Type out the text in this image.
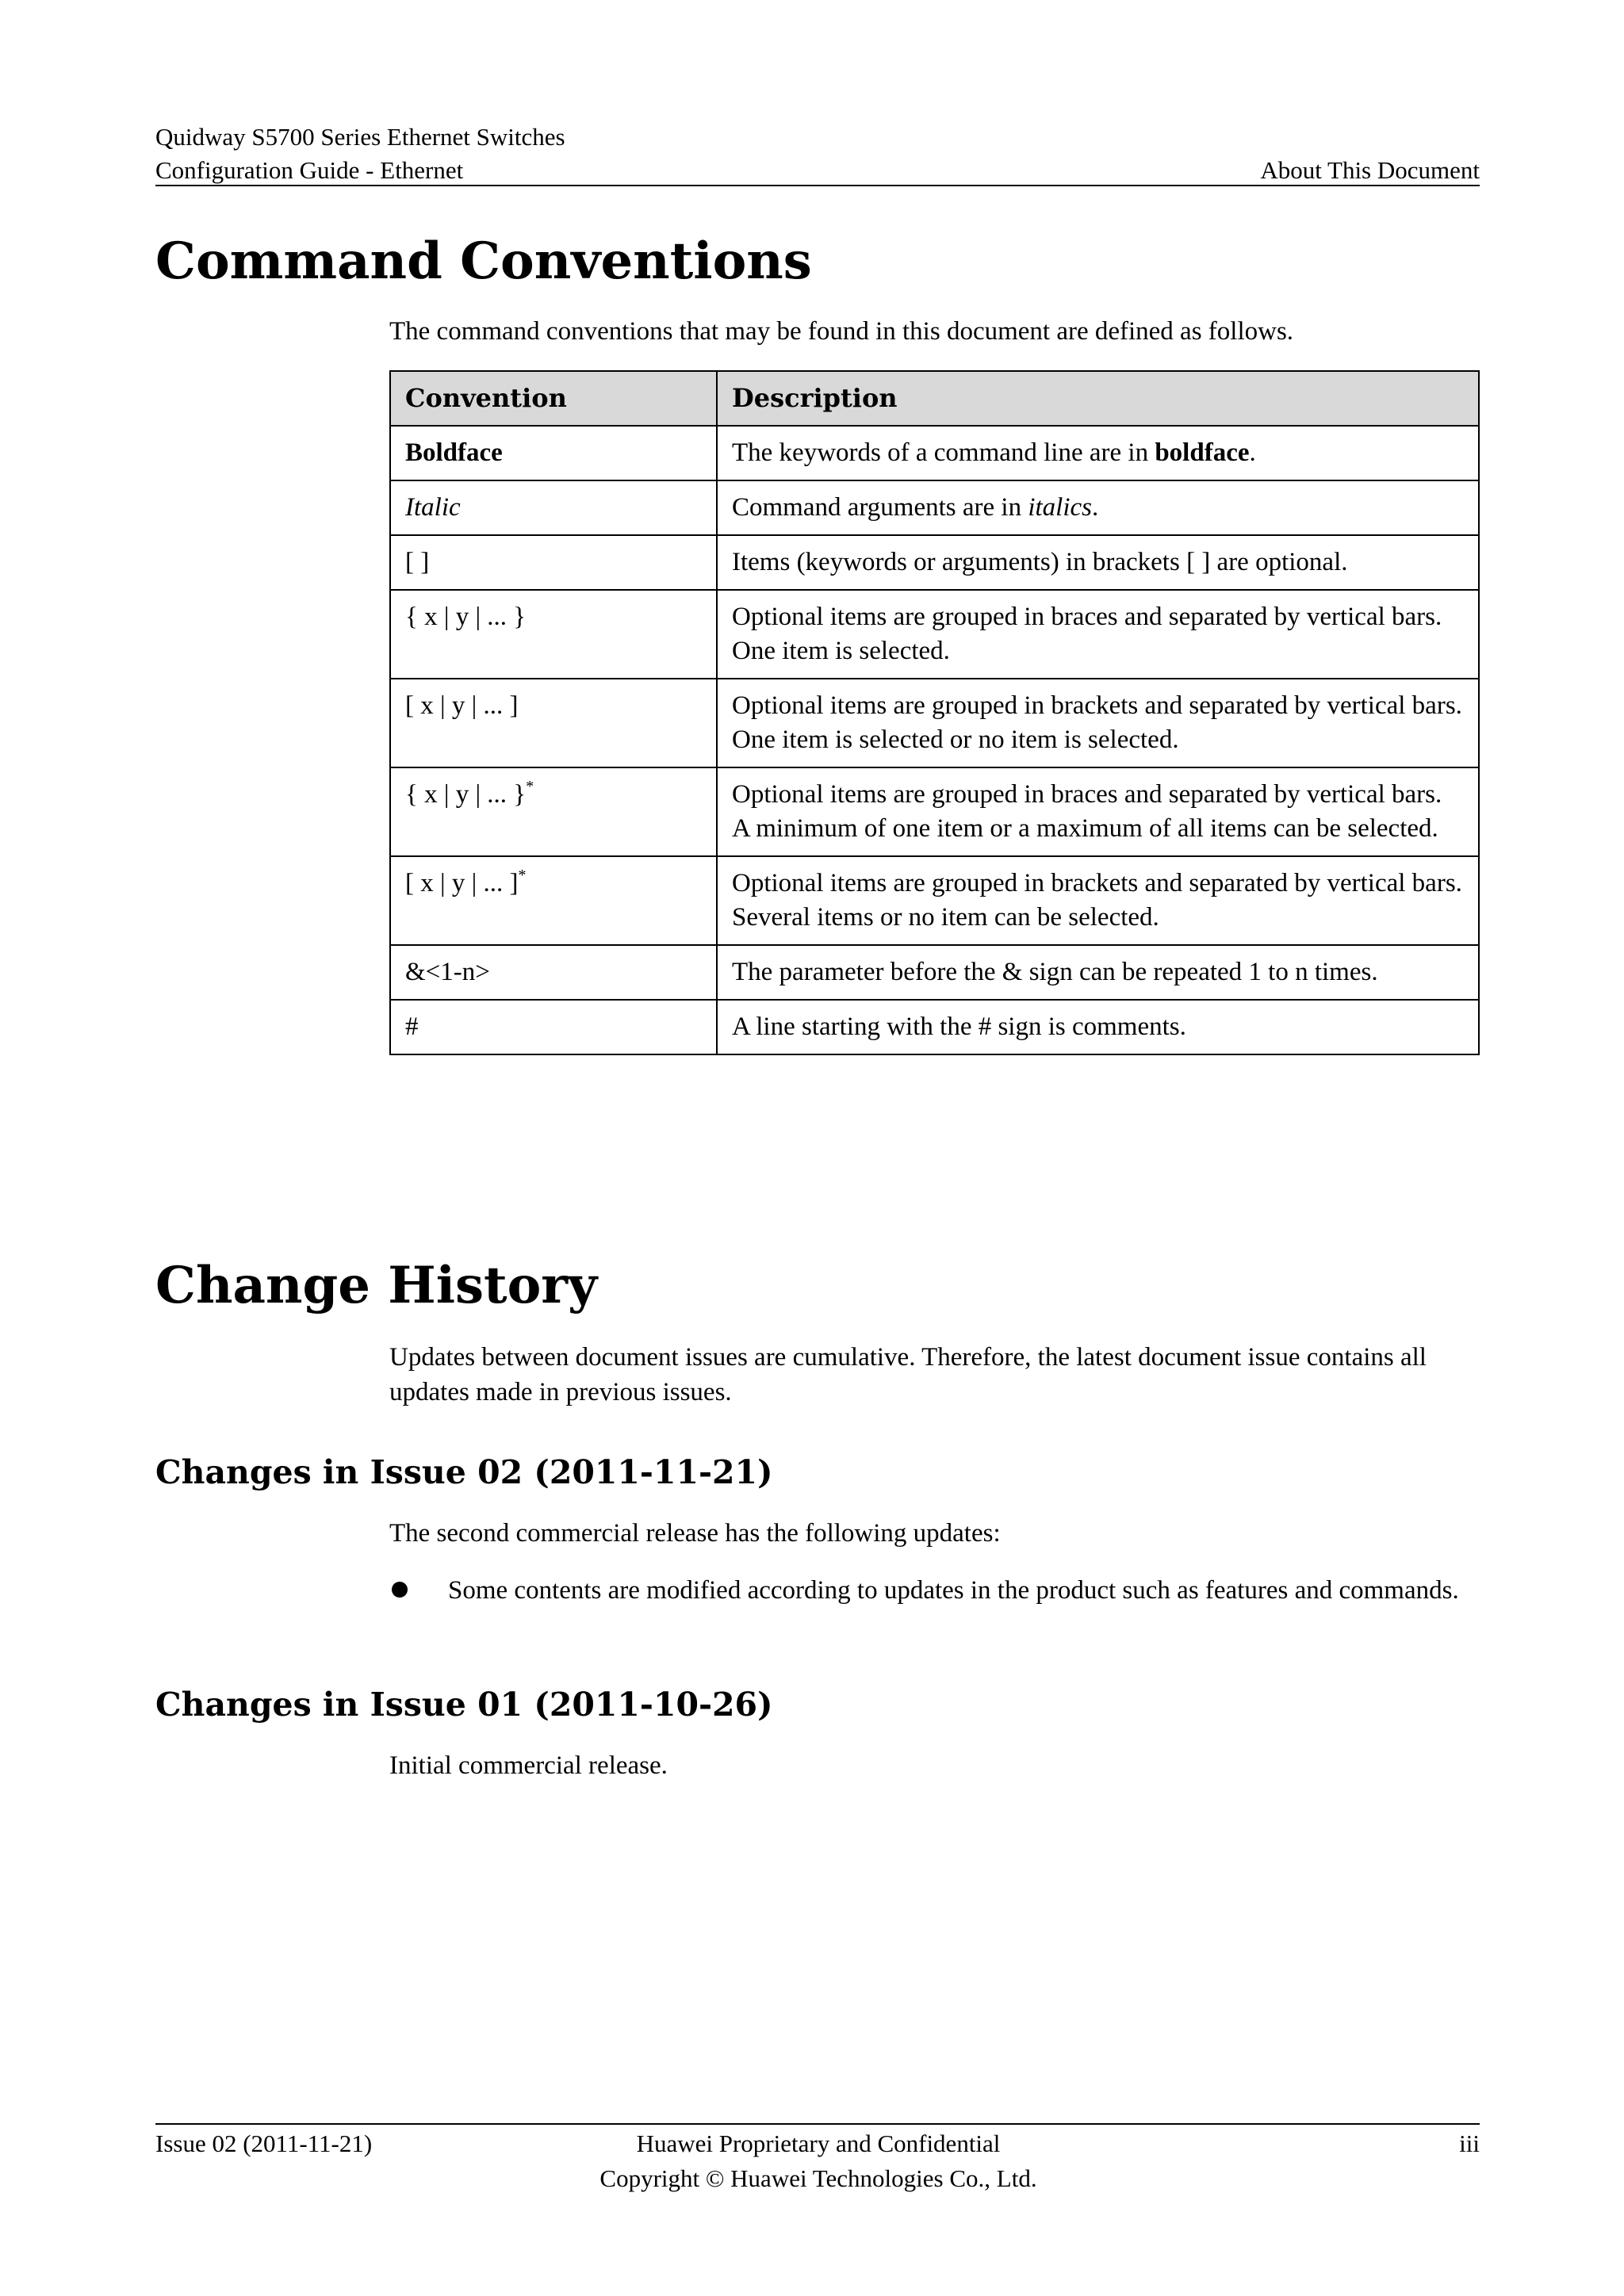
Quidway S5700 Series Ethernet Switches
Configuration Guide - Ethernet	About This Document
Command Conventions
The command conventions that may be found in this document are defined as follows.
Convention	Description
Boldface	The keywords of a command line are in boldface.
Italic	Command arguments are in italics.
[ ]	Items (keywords or arguments) in brackets [ ] are optional.
{ x | y | ... }	Optional items are grouped in braces and separated by vertical bars. One item is selected.
[ x | y | ... ]	Optional items are grouped in brackets and separated by vertical bars. One item is selected or no item is selected.
{ x | y | ... }*	Optional items are grouped in braces and separated by vertical bars. A minimum of one item or a maximum of all items can be selected.
[ x | y | ... ]*	Optional items are grouped in brackets and separated by vertical bars. Several items or no item can be selected.
&<1-n>	The parameter before the & sign can be repeated 1 to n times.
#	A line starting with the # sign is comments.
Change History
Updates between document issues are cumulative. Therefore, the latest document issue contains all updates made in previous issues.
Changes in Issue 02 (2011-11-21)
The second commercial release has the following updates:
Some contents are modified according to updates in the product such as features and commands.
Changes in Issue 01 (2011-10-26)
Initial commercial release.
Issue 02 (2011-11-21)	Huawei Proprietary and Confidential
Copyright © Huawei Technologies Co., Ltd.
iii
